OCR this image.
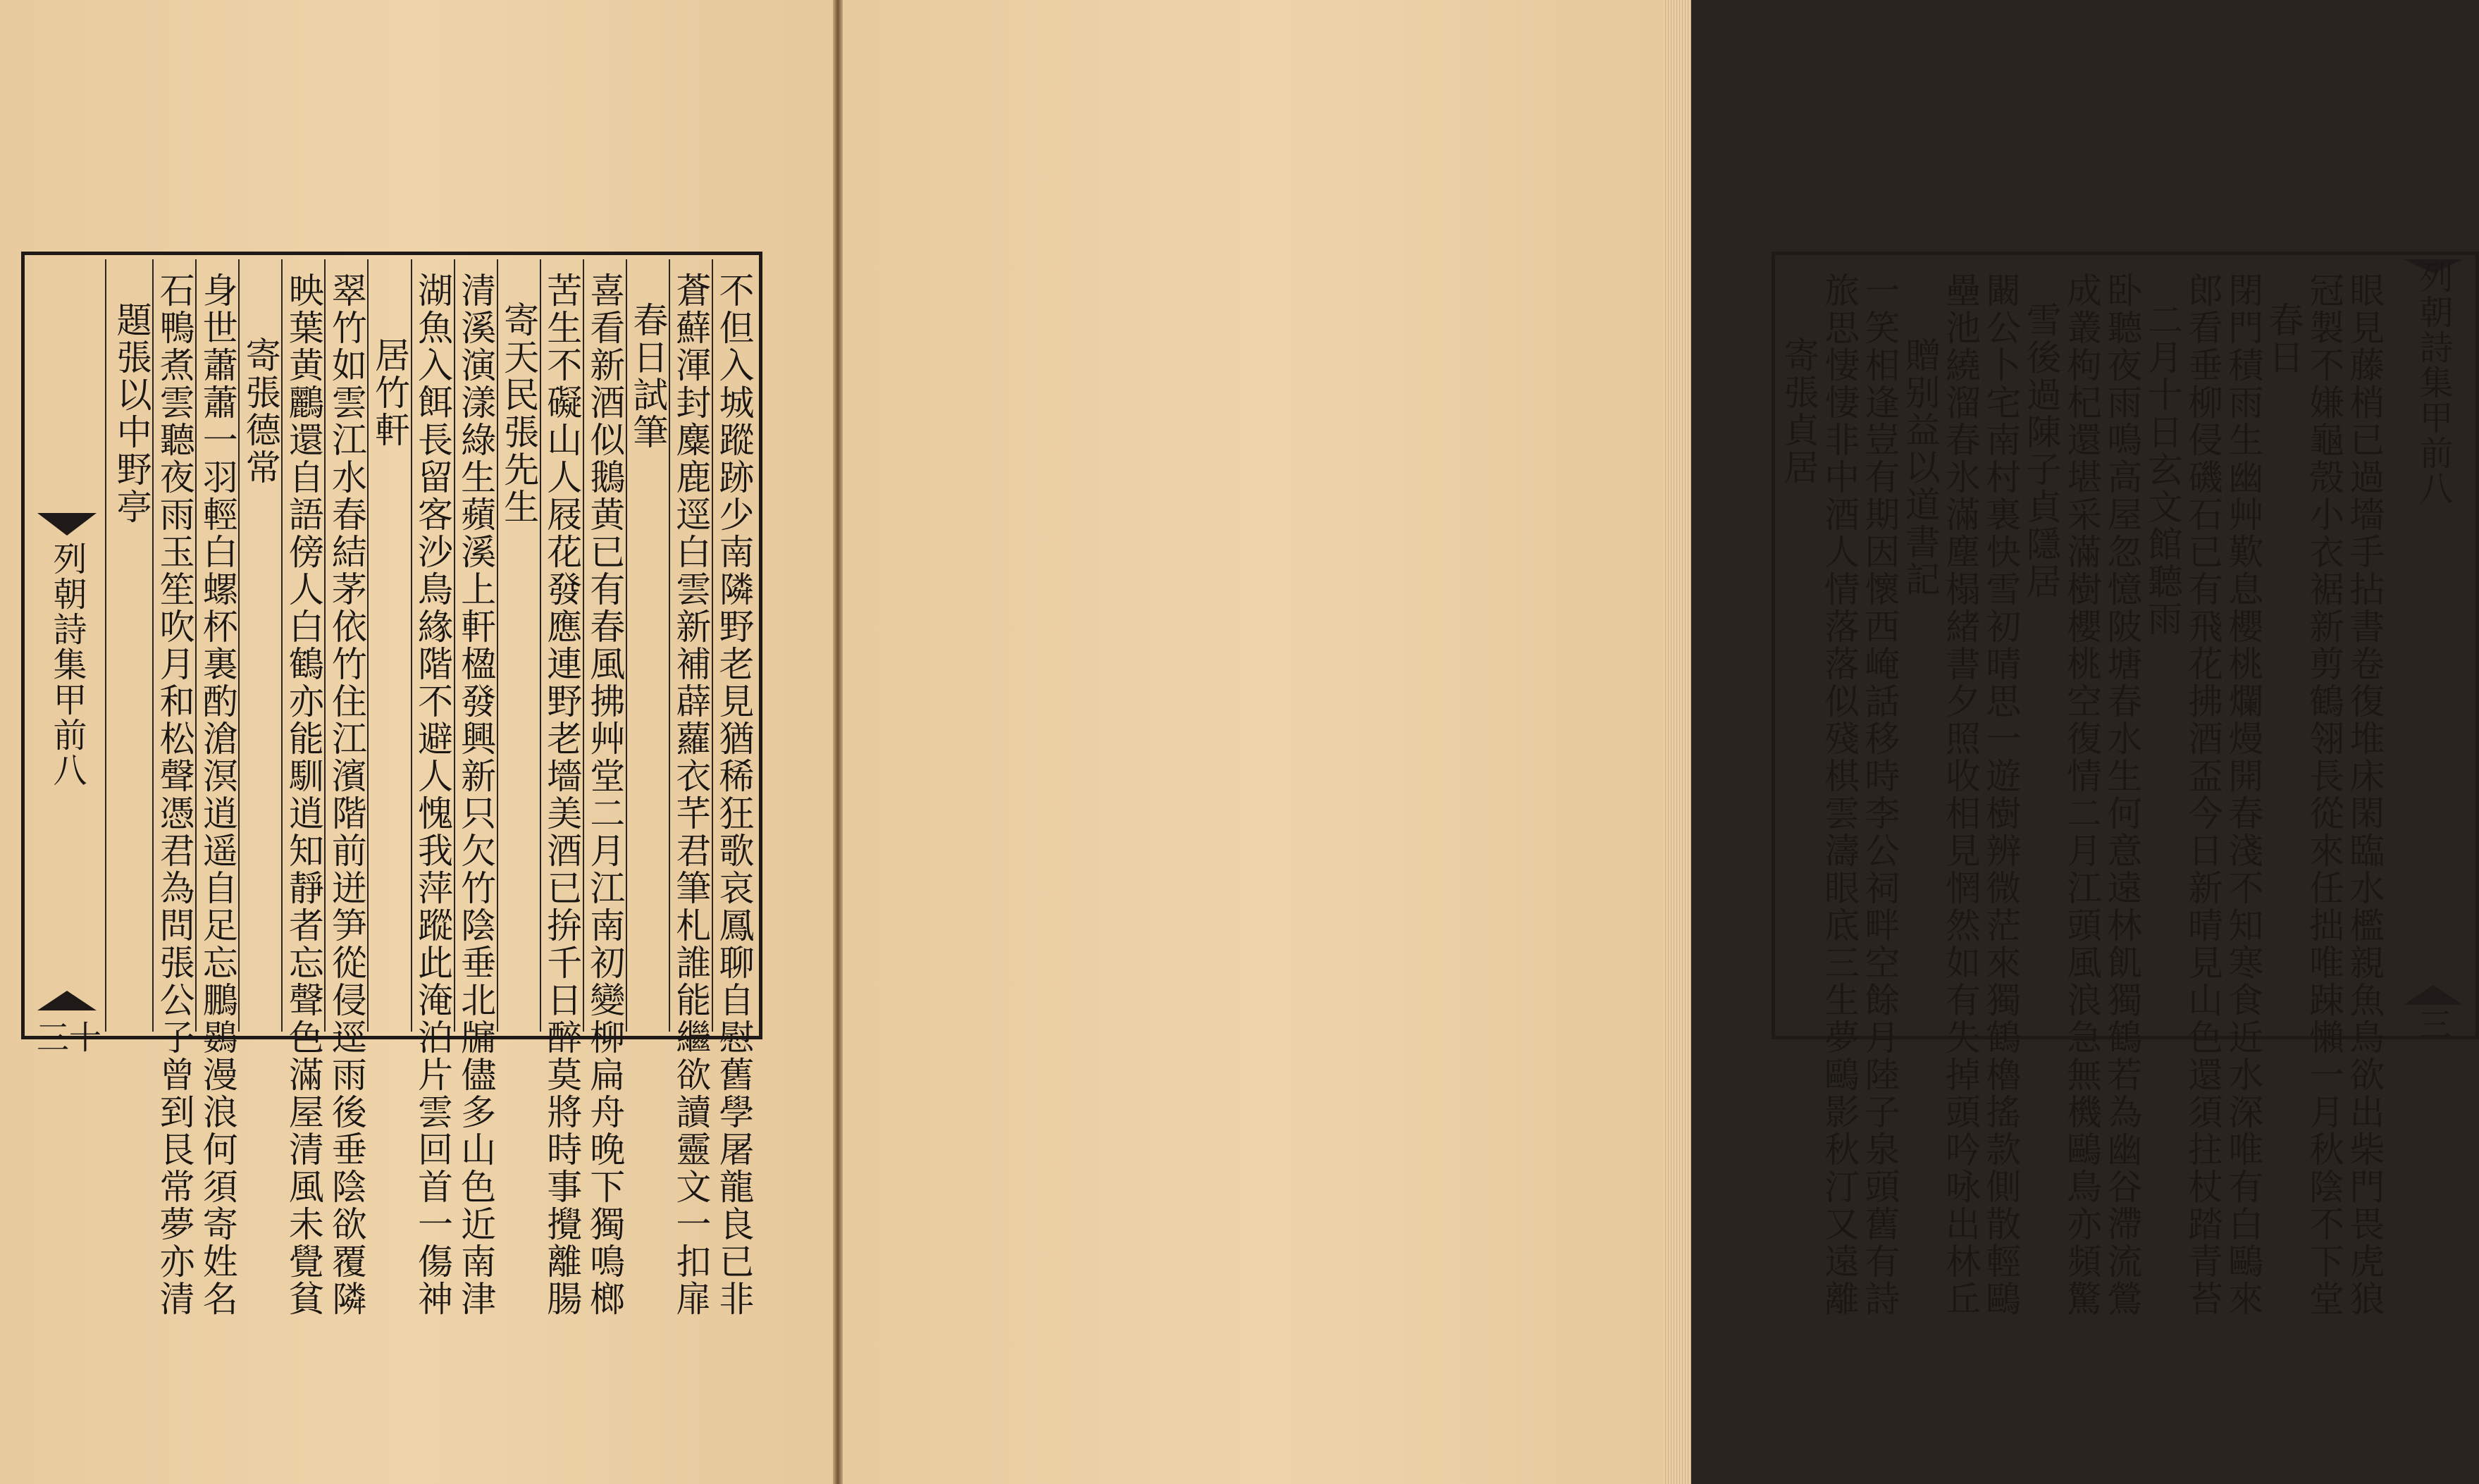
列朝詩集甲前八
十三	不但入城蹤跡少南隣野老見猶稀狂歌哀鳳聊自慰舊學屠龍良已非
蒼蘚渾封麋鹿逕白雲新補薜蘿衣芊君筆札誰能繼欲讀靈文一扣扉
春日試筆
喜看新酒似鵝黄已有春風拂艸堂二月江南初變柳扁舟晚下獨鳴榔
苦生不礙山人屐花發應連野老墻美酒已拚千日醉莫將時事攪離腸
寄天民張先生
清溪演漾綠生蘋溪上軒楹發興新只欠竹陰垂北牖儘多山色近南津
湖魚入餌長留客沙鳥緣階不避人愧我萍蹤此淹泊片雲回首一傷神
居竹軒
翠竹如雲江水春結茅依竹住江濱階前迸笋從侵逕雨後垂陰欲覆隣
映葉黄鸝還自語傍人白鶴亦能馴逍知靜者忘聲色滿屋清風未覺貧
寄張德常
身世蕭蕭一羽輕白螺杯裏酌滄溟逍遥自足忘鵬鷃漫浪何須寄姓名
石鴨煮雲聽夜雨玉笙吹月和松聲憑君為問張公子曾到艮常夢亦清
題張以中野亭	眼見藤梢已過墻手拈書卷復堆床閑臨水檻親魚鳥欲出柴門畏虎狼
冠製不嫌龜殼小衣裾新剪鶴翎長從來任拙唯踈懶一月秋陰不下堂
春日
閉門積雨生幽艸歎息櫻桃爛熳開春淺不知寒食近水深唯有白鷗來
郎看垂柳侵磯石已有飛花拂酒盃今日新晴見山色還須拄杖踏青苔
二月十日玄文館聽雨
卧聽夜雨鳴高屋忽憶陂塘春水生何意遠林飢獨鶴若為幽谷滯流鶯
成叢枸杞還堪采滿樹櫻桃空復情二月江頭風浪急無機鷗鳥亦頻驚
雪後過陳子貞隱居
闞公卜宅南村裏快雪初晴思一遊樹辨微茫來獨鶴櫓搖款側散輕鷗
壘池繞溜春氷滿塵榻緒書夕照收相見惘然如有失掉頭吟咏出林丘
贈别益以道書記
一笑相逢豈有期因懷西崦話移時李公祠畔空餘月陸子泉頭舊有詩
旅思悽悽非中酒人情落落似殘棋雲濤眼底三生夢鷗影秋汀又遠離
寄張貞居	列朝詩集甲前八
三
